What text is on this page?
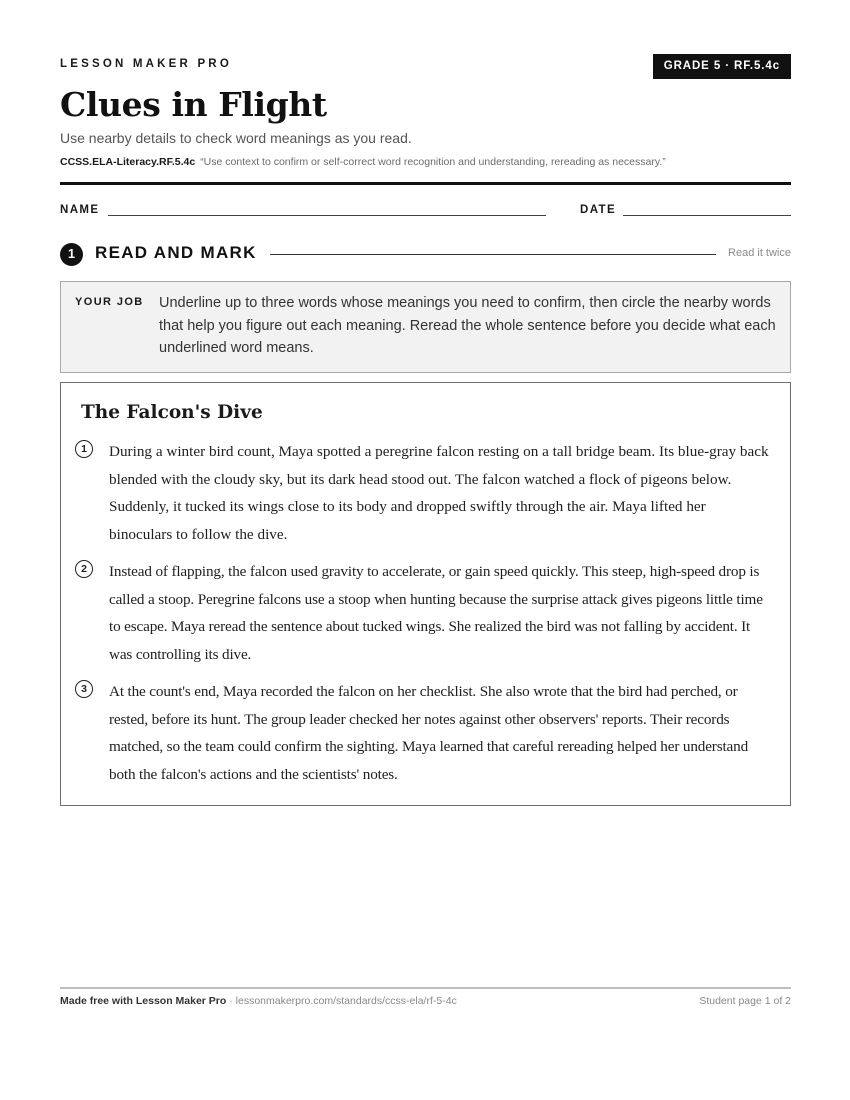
LESSON MAKER PRO	GRADE 5 · RF.5.4c
Clues in Flight
Use nearby details to check word meanings as you read.
CCSS.ELA-Literacy.RF.5.4c “Use context to confirm or self-correct word recognition and understanding, rereading as necessary.”
NAME	DATE
1	READ AND MARK	Read it twice
YOUR JOB Underline up to three words whose meanings you need to confirm, then circle the nearby words that help you figure out each meaning. Reread the whole sentence before you decide what each underlined word means.
The Falcon's Dive
1	During a winter bird count, Maya spotted a peregrine falcon resting on a tall bridge beam. Its blue-gray back blended with the cloudy sky, but its dark head stood out. The falcon watched a flock of pigeons below. Suddenly, it tucked its wings close to its body and dropped swiftly through the air. Maya lifted her binoculars to follow the dive.

2	Instead of flapping, the falcon used gravity to accelerate, or gain speed quickly. This steep, high-speed drop is called a stoop. Peregrine falcons use a stoop when hunting because the surprise attack gives pigeons little time to escape. Maya reread the sentence about tucked wings. She realized the bird was not falling by accident. It was controlling its dive.

3	At the count's end, Maya recorded the falcon on her checklist. She also wrote that the bird had perched, or rested, before its hunt. The group leader checked her notes against other observers' reports. Their records matched, so the team could confirm the sighting. Maya learned that careful rereading helped her understand both the falcon's actions and the scientists' notes.

Made free with Lesson Maker Pro · lessonmakerpro.com/standards/ccss-ela/rf-5-4c	Student page 1 of 2
